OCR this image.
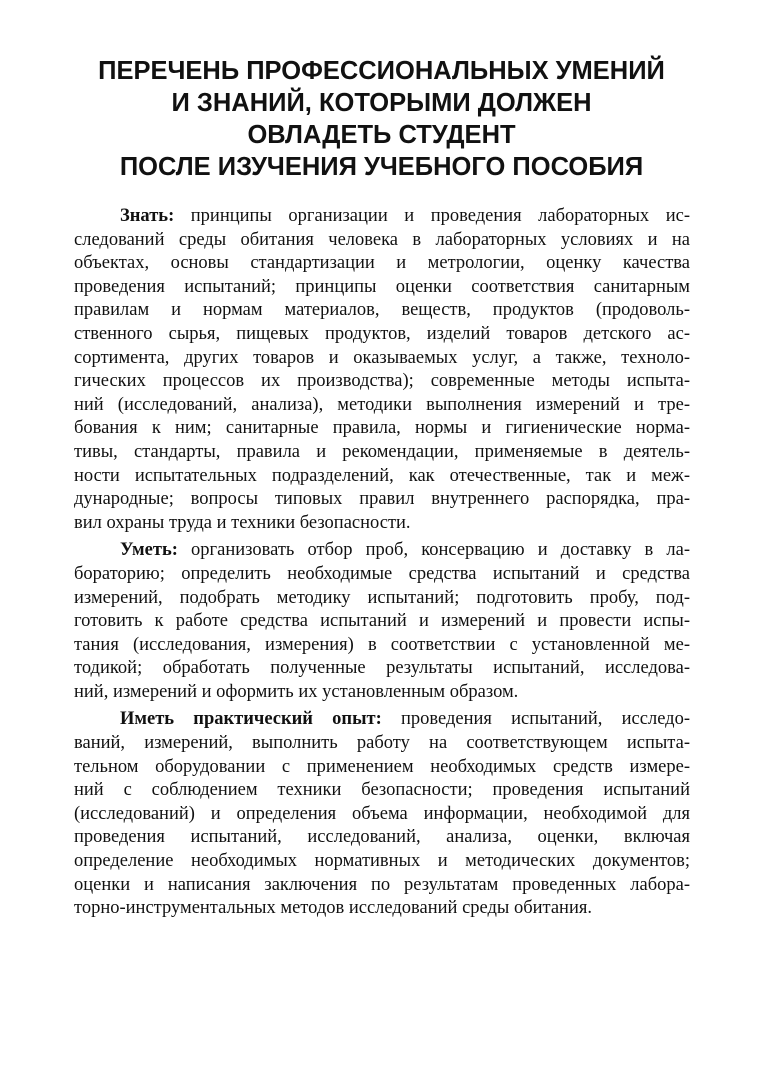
ПЕРЕЧЕНЬ ПРОФЕССИОНАЛЬНЫХ УМЕНИЙ
И ЗНАНИЙ, КОТОРЫМИ ДОЛЖЕН
ОВЛАДЕТЬ СТУДЕНТ
ПОСЛЕ ИЗУЧЕНИЯ УЧЕБНОГО ПОСОБИЯ
Знать: принципы организации и проведения лабораторных ис-
следований среды обитания человека в лабораторных условиях и на
объектах, основы стандартизации и метрологии, оценку качества
проведения испытаний; принципы оценки соответствия санитарным
правилам и нормам материалов, веществ, продуктов (продоволь-
ственного сырья, пищевых продуктов, изделий товаров детского ас-
сортимента, других товаров и оказываемых услуг, а также, техноло-
гических процессов их производства); современные методы испыта-
ний (исследований, анализа), методики выполнения измерений и тре-
бования к ним; санитарные правила, нормы и гигиенические норма-
тивы, стандарты, правила и рекомендации, применяемые в деятель-
ности испытательных подразделений, как отечественные, так и меж-
дународные; вопросы типовых правил внутреннего распорядка, пра-
вил охраны труда и техники безопасности.
Уметь: организовать отбор проб, консервацию и доставку в ла-
бораторию; определить необходимые средства испытаний и средства
измерений, подобрать методику испытаний; подготовить пробу, под-
готовить к работе средства испытаний и измерений и провести испы-
тания (исследования, измерения) в соответствии с установленной ме-
тодикой; обработать полученные результаты испытаний, исследова-
ний, измерений и оформить их установленным образом.
Иметь практический опыт: проведения испытаний, исследо-
ваний, измерений, выполнить работу на соответствующем испыта-
тельном оборудовании с применением необходимых средств измере-
ний с соблюдением техники безопасности; проведения испытаний
(исследований) и определения объема информации, необходимой для
проведения испытаний, исследований, анализа, оценки, включая
определение необходимых нормативных и методических документов;
оценки и написания заключения по результатам проведенных лабора-
торно-инструментальных методов исследований среды обитания.
